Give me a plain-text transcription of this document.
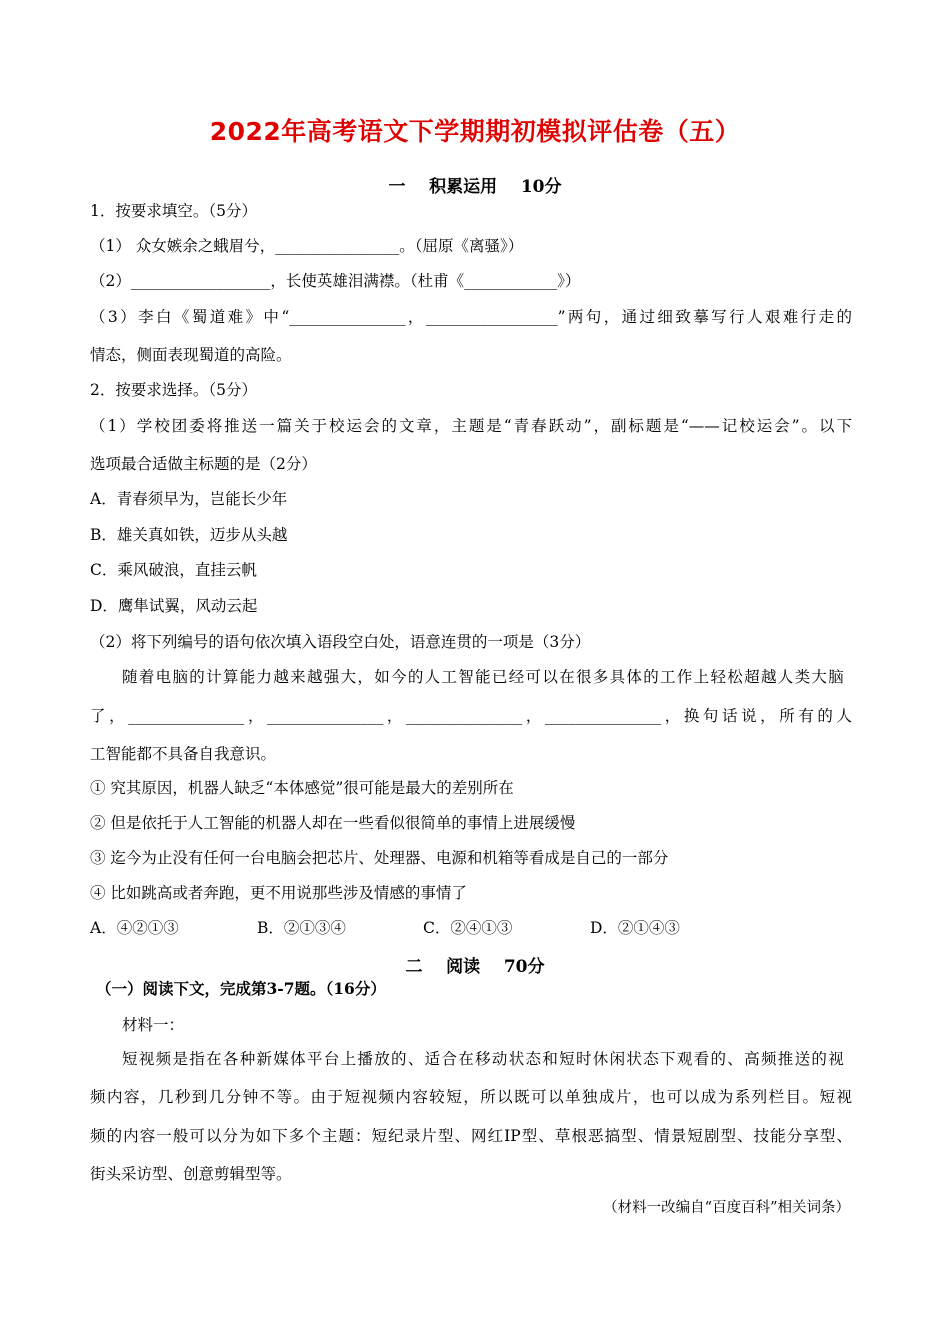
2022年高考语文下学期期初模拟评估卷（五）
一    积累运用    10分
1．按要求填空。（5分）
（1） 众女嫉余之蛾眉兮，________________。（屈原《离骚》）
（2）__________________，长使英雄泪满襟。（杜甫《____________》）
（3）李白《蜀道难》中“_______________，_________________”两句，通过细致摹写行人艰难行走的
情态，侧面表现蜀道的高险。
2．按要求选择。（5分）
（1）学校团委将推送一篇关于校运会的文章，主题是“青春跃动”，副标题是“——记校运会”。以下
选项最合适做主标题的是（2分）
A．青春须早为，岂能长少年
B．雄关真如铁，迈步从头越
C．乘风破浪，直挂云帆
D．鹰隼试翼，风动云起
（2）将下列编号的语句依次填入语段空白处，语意连贯的一项是（3分）
随着电脑的计算能力越来越强大，如今的人工智能已经可以在很多具体的工作上轻松超越人类大脑
了，_______________，_______________，_______________，_______________，换句话说，所有的人
工智能都不具备自我意识。
① 究其原因，机器人缺乏“本体感觉”很可能是最大的差别所在
② 但是依托于人工智能的机器人却在一些看似很简单的事情上进展缓慢
③ 迄今为止没有任何一台电脑会把芯片、处理器、电源和机箱等看成是自己的一部分
④ 比如跳高或者奔跑，更不用说那些涉及情感的事情了
A．④②①③	B．②①③④	C．②④①③	D．②①④③
二    阅读    70分
（一）阅读下文，完成第3-7题。（16分）
材料一：
短视频是指在各种新媒体平台上播放的、适合在移动状态和短时休闲状态下观看的、高频推送的视
频内容，几秒到几分钟不等。由于短视频内容较短，所以既可以单独成片，也可以成为系列栏目。短视
频的内容一般可以分为如下多个主题：短纪录片型、网红IP型、草根恶搞型、情景短剧型、技能分享型、
街头采访型、创意剪辑型等。
（材料一改编自“百度百科”相关词条）
